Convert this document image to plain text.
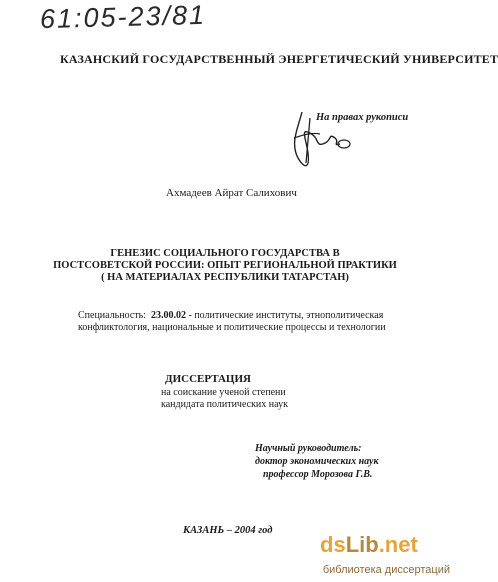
61:05-23/81
КАЗАНСКИЙ ГОСУДАРСТВЕННЫЙ ЭНЕРГЕТИЧЕСКИЙ УНИВЕРСИТЕТ
На правах рукописи
Ахмадеев Айрат Салихович
ГЕНЕЗИС СОЦИАЛЬНОГО ГОСУДАРСТВА В
ПОСТСОВЕТСКОЙ РОССИИ: ОПЫТ РЕГИОНАЛЬНОЙ ПРАКТИКИ
( НА МАТЕРИАЛАХ РЕСПУБЛИКИ ТАТАРСТАН)
Специальность: 23.00.02 - политические институты, этнополитическая
конфликтология, национальные и политические процессы и технологии
ДИССЕРТАЦИЯ
на соискание ученой степени
кандидата политических наук
Научный руководитель:
доктор экономических наук
профессор Морозова Г.В.
КАЗАНЬ – 2004 год
dsLib.net
библиотека диссертаций
